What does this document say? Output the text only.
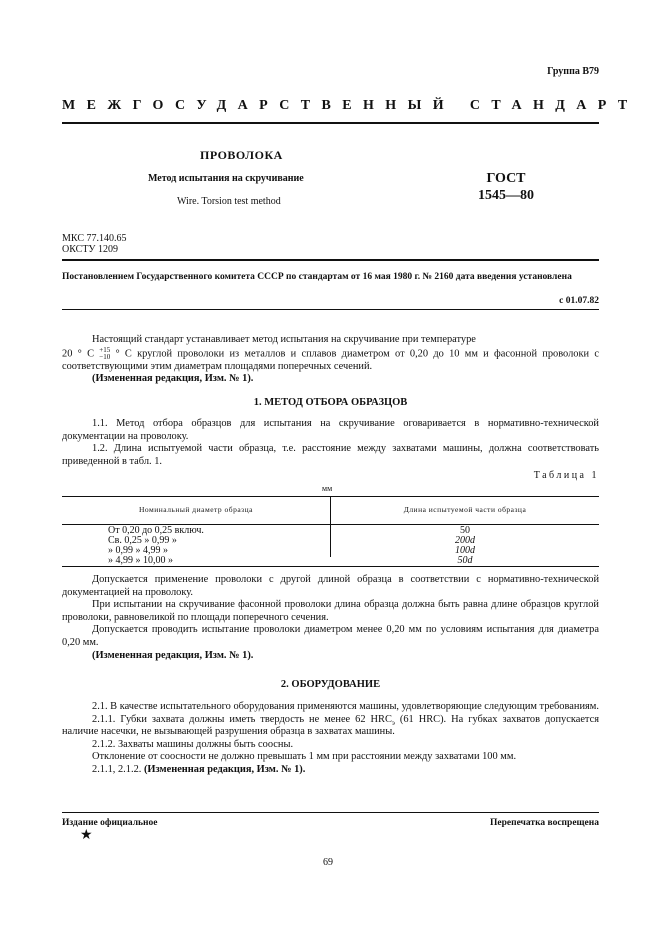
Группа В79
МЕЖГОСУДАРСТВЕННЫЙ СТАНДАРТ
ПРОВОЛОКА
Метод испытания на скручивание
Wire. Torsion test method
ГОСТ
1545—80
МКС 77.140.65
ОКСТУ 1209
Постановлением Государственного комитета СССР по стандартам от 16 мая 1980 г. № 2160 дата введения установлена
с 01.07.82

Настоящий стандарт устанавливает метод испытания на скручивание при температуре

20 ° С +15
−10 ° С круглой проволоки из металлов и сплавов диаметром от 0,20 до 10 мм и фасонной проволоки с соответствующими этим диаметрам площадями поперечных сечений.

(Измененная редакция, Изм. № 1).

1. МЕТОД ОТБОРА ОБРАЗЦОВ

1.1. Метод отбора образцов для испытания на скручивание оговаривается в нормативно-технической документации на проволоку.

1.2. Длина испытуемой части образца, т.е. расстояние между захватами машины, должна соответствовать приведенной в табл. 1.

Таблица 1
мм
Номинальный диаметр образца	Длина испытуемой части образца
От 0,20 до 0,25 включ.	50
Св. 0,25 » 0,99 »	200d
» 0,99 » 4,99 »	100d
» 4,99 » 10,00 »	50d

Допускается применение проволоки с другой длиной образца в соответствии с нормативно-технической документацией на проволоку.

При испытании на скручивание фасонной проволоки длина образца должна быть равна длине образцов круглой проволоки, равновеликой по площади поперечного сечения.

Допускается проводить испытание проволоки диаметром менее 0,20 мм по условиям испытания для диаметра 0,20 мм.

(Измененная редакция, Изм. № 1).

2. ОБОРУДОВАНИЕ

2.1. В качестве испытательного оборудования применяются машины, удовлетворяющие следующим требованиям.

2.1.1. Губки захвата должны иметь твердость не менее 62 $HRC_э$ (61 HRC). На губках захватов допускается наличие насечки, не вызывающей разрушения образца в захватах машины.

2.1.2. Захваты машины должны быть соосны.

Отклонение от соосности не должно превышать 1 мм при расстоянии между захватами 100 мм.

2.1.1, 2.1.2. (Измененная редакция, Изм. № 1).

Издание официальное	Перепечатка воспрещена
★
69
